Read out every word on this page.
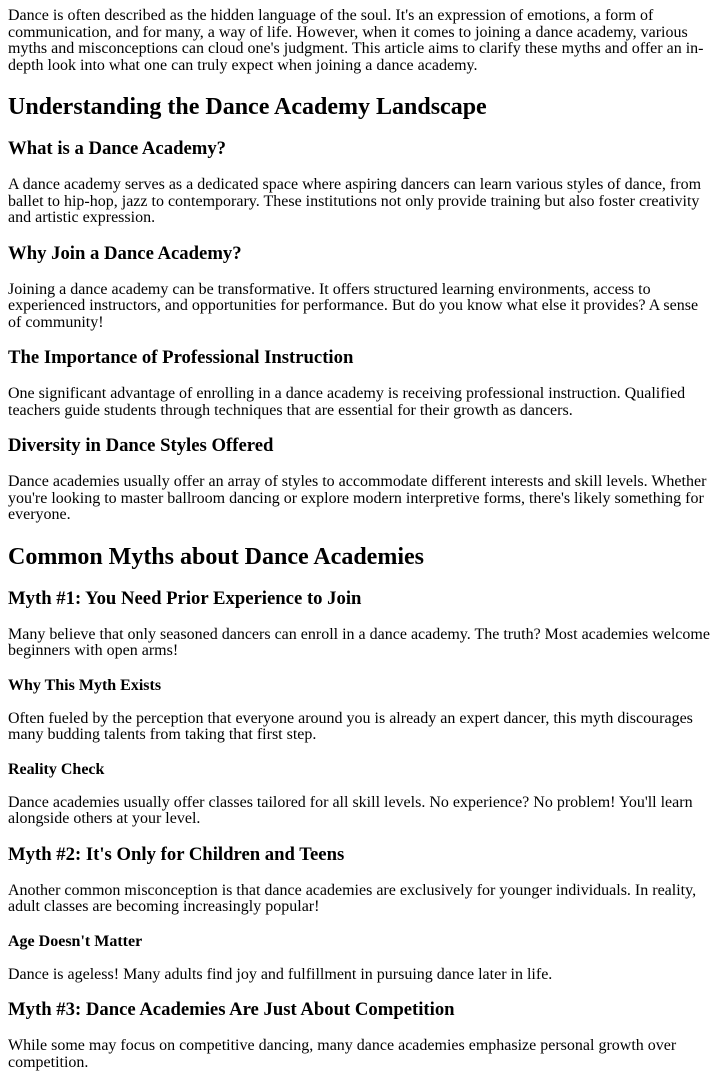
Dance is often described as the hidden language of the soul. It's an expression of emotions, a form of communication, and for many, a way of life. However, when it comes to joining a dance academy, various myths and misconceptions can cloud one's judgment. This article aims to clarify these myths and offer an in-depth look into what one can truly expect when joining a dance academy.

Understanding the Dance Academy Landscape
What is a Dance Academy?

A dance academy serves as a dedicated space where aspiring dancers can learn various styles of dance, from ballet to hip-hop, jazz to contemporary. These institutions not only provide training but also foster creativity and artistic expression.

Why Join a Dance Academy?

Joining a dance academy can be transformative. It offers structured learning environments, access to experienced instructors, and opportunities for performance. But do you know what else it provides? A sense of community!

The Importance of Professional Instruction

One significant advantage of enrolling in a dance academy is receiving professional instruction. Qualified teachers guide students through techniques that are essential for their growth as dancers.

Diversity in Dance Styles Offered

Dance academies usually offer an array of styles to accommodate different interests and skill levels. Whether you're looking to master ballroom dancing or explore modern interpretive forms, there's likely something for everyone.

Common Myths about Dance Academies
Myth #1: You Need Prior Experience to Join

Many believe that only seasoned dancers can enroll in a dance academy. The truth? Most academies welcome beginners with open arms!

Why This Myth Exists

Often fueled by the perception that everyone around you is already an expert dancer, this myth discourages many budding talents from taking that first step.

Reality Check

Dance academies usually offer classes tailored for all skill levels. No experience? No problem! You'll learn alongside others at your level.

Myth #2: It's Only for Children and Teens

Another common misconception is that dance academies are exclusively for younger individuals. In reality, adult classes are becoming increasingly popular!

Age Doesn't Matter

Dance is ageless! Many adults find joy and fulfillment in pursuing dance later in life.

Myth #3: Dance Academies Are Just About Competition

While some may focus on competitive dancing, many dance academies emphasize personal growth over competition.
